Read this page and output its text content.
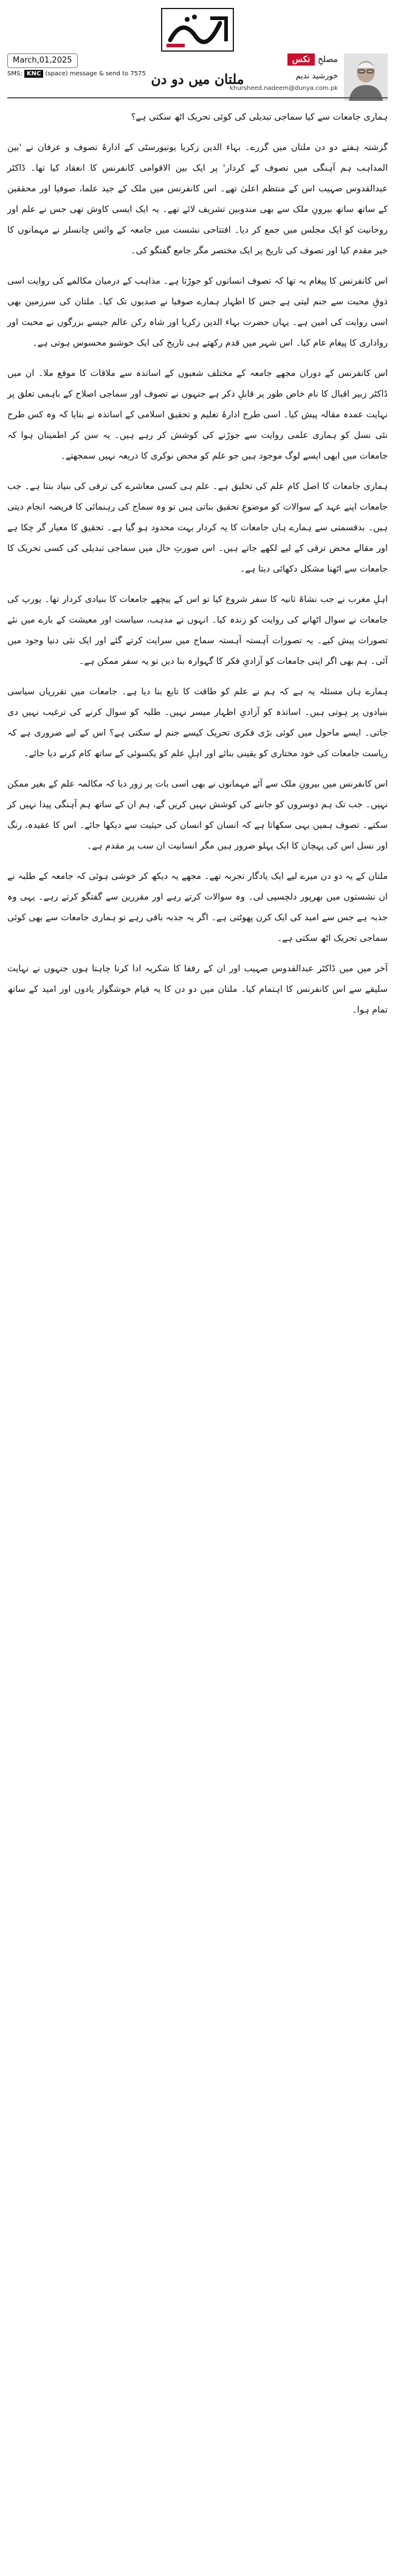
March,01,2025
SMS: KNC (space) message & send to 7575
نکس مصلحِ
خورشید ندیم
khursheed.nadeem@dunya.com.pk
ملتان میں دو دن

ہماری جامعات سے کیا سماجی تبدیلی کی کوئی تحریک اٹھ سکتی ہے؟

گزشتہ ہفتے دو دن ملتان میں گزرے۔ بہاء الدین زکریا یونیورسٹی کے ادارۂ تصوف و عرفان نے 'بین المذاہب ہم آہنگی میں تصوف کے کردار' پر ایک بین الاقوامی کانفرنس کا انعقاد کیا تھا۔ ڈاکٹر عبدالقدوس صہیب اس کے منتظم اعلیٰ تھے۔ اس کانفرنس میں ملک کے جید علما، صوفیا اور محققین کے ساتھ ساتھ بیرونِ ملک سے بھی مندوبین تشریف لائے تھے۔ یہ ایک ایسی کاوش تھی جس نے علم اور روحانیت کو ایک مجلس میں جمع کر دیا۔ افتتاحی نشست میں جامعہ کے وائس چانسلر نے مہمانوں کا خیر مقدم کیا اور تصوف کی تاریخ پر ایک مختصر مگر جامع گفتگو کی۔

اس کانفرنس کا پیغام یہ تھا کہ تصوف انسانوں کو جوڑتا ہے۔ مذاہب کے درمیان مکالمے کی روایت اسی ذوقِ محبت سے جنم لیتی ہے جس کا اظہار ہمارے صوفیا نے صدیوں تک کیا۔ ملتان کی سرزمین بھی اسی روایت کی امین ہے۔ یہاں حضرت بہاء الدین زکریا اور شاہ رکن عالم جیسے بزرگوں نے محبت اور رواداری کا پیغام عام کیا۔ اس شہر میں قدم رکھتے ہی تاریخ کی ایک خوشبو محسوس ہوتی ہے۔

اس کانفرنس کے دوران مجھے جامعہ کے مختلف شعبوں کے اساتذہ سے ملاقات کا موقع ملا۔ ان میں ڈاکٹر زبیر اقبال کا نام خاص طور پر قابلِ ذکر ہے جنہوں نے تصوف اور سماجی اصلاح کے باہمی تعلق پر نہایت عمدہ مقالہ پیش کیا۔ اسی طرح ادارۂ تعلیم و تحقیق اسلامی کے اساتذہ نے بتایا کہ وہ کس طرح نئی نسل کو ہماری علمی روایت سے جوڑنے کی کوشش کر رہے ہیں۔ یہ سن کر اطمینان ہوا کہ جامعات میں ابھی ایسے لوگ موجود ہیں جو علم کو محض نوکری کا ذریعہ نہیں سمجھتے۔

ہماری جامعات کا اصل کام علم کی تخلیق ہے۔ علم ہی کسی معاشرے کی ترقی کی بنیاد بنتا ہے۔ جب جامعات اپنے عہد کے سوالات کو موضوعِ تحقیق بناتی ہیں تو وہ سماج کی رہنمائی کا فریضہ انجام دیتی ہیں۔ بدقسمتی سے ہمارے ہاں جامعات کا یہ کردار بہت محدود ہو گیا ہے۔ تحقیق کا معیار گر چکا ہے اور مقالے محض ترقی کے لیے لکھے جاتے ہیں۔ اس صورتِ حال میں سماجی تبدیلی کی کسی تحریک کا جامعات سے اٹھنا مشکل دکھائی دیتا ہے۔

اہلِ مغرب نے جب نشاۃ ثانیہ کا سفر شروع کیا تو اس کے پیچھے جامعات کا بنیادی کردار تھا۔ یورپ کی جامعات نے سوال اٹھانے کی روایت کو زندہ کیا۔ انہوں نے مذہب، سیاست اور معیشت کے بارے میں نئے تصورات پیش کیے۔ یہ تصورات آہستہ آہستہ سماج میں سرایت کرتے گئے اور ایک نئی دنیا وجود میں آئی۔ ہم بھی اگر اپنی جامعات کو آزادیِ فکر کا گہوارہ بنا دیں تو یہ سفر ممکن ہے۔

ہمارے ہاں مسئلہ یہ ہے کہ ہم نے علم کو طاقت کا تابع بنا دیا ہے۔ جامعات میں تقرریاں سیاسی بنیادوں پر ہوتی ہیں۔ اساتذہ کو آزادیِ اظہار میسر نہیں۔ طلبہ کو سوال کرنے کی ترغیب نہیں دی جاتی۔ ایسے ماحول میں کوئی بڑی فکری تحریک کیسے جنم لے سکتی ہے؟ اس کے لیے ضروری ہے کہ ریاست جامعات کی خود مختاری کو یقینی بنائے اور اہلِ علم کو یکسوئی کے ساتھ کام کرنے دیا جائے۔

اس کانفرنس میں بیرونِ ملک سے آئے مہمانوں نے بھی اسی بات پر زور دیا کہ مکالمہ علم کے بغیر ممکن نہیں۔ جب تک ہم دوسروں کو جاننے کی کوشش نہیں کریں گے، ہم ان کے ساتھ ہم آہنگی پیدا نہیں کر سکتے۔ تصوف ہمیں یہی سکھاتا ہے کہ انسان کو انسان کی حیثیت سے دیکھا جائے۔ اس کا عقیدہ، رنگ اور نسل اس کی پہچان کا ایک پہلو ضرور ہیں مگر انسانیت ان سب پر مقدم ہے۔

ملتان کے یہ دو دن میرے لیے ایک یادگار تجربہ تھے۔ مجھے یہ دیکھ کر خوشی ہوئی کہ جامعہ کے طلبہ نے ان نشستوں میں بھرپور دلچسپی لی۔ وہ سوالات کرتے رہے اور مقررین سے گفتگو کرتے رہے۔ یہی وہ جذبہ ہے جس سے امید کی ایک کرن پھوٹتی ہے۔ اگر یہ جذبہ باقی رہے تو ہماری جامعات سے بھی کوئی سماجی تحریک اٹھ سکتی ہے۔

آخر میں میں ڈاکٹر عبدالقدوس صہیب اور ان کے رفقا کا شکریہ ادا کرنا چاہتا ہوں جنہوں نے نہایت سلیقے سے اس کانفرنس کا اہتمام کیا۔ ملتان میں دو دن کا یہ قیام خوشگوار یادوں اور امید کے ساتھ تمام ہوا۔
